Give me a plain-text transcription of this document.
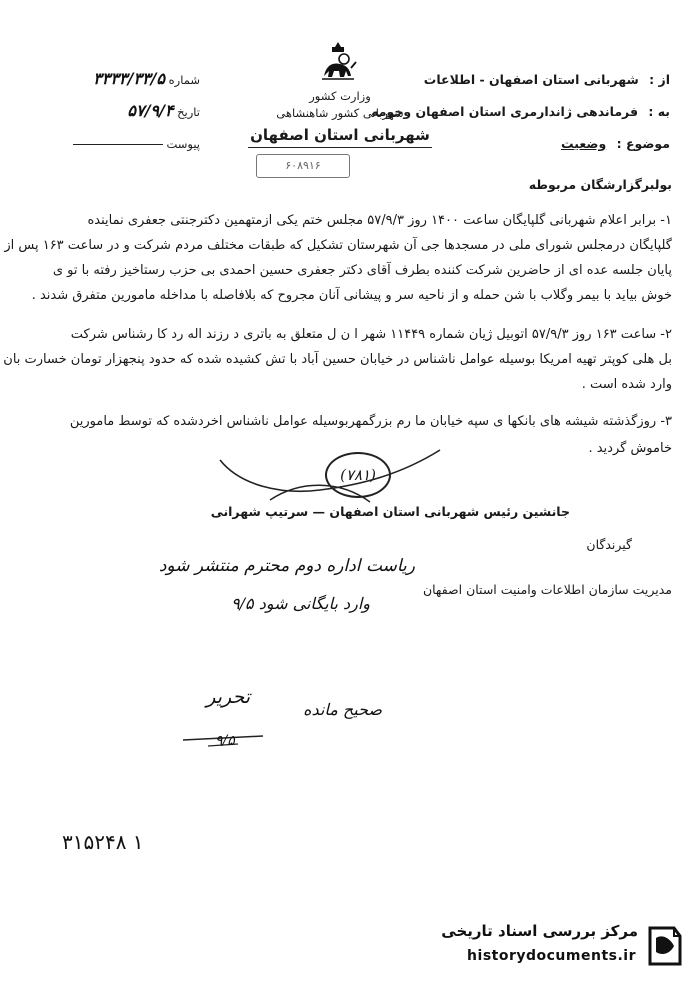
از : شهربانی استان اصفهان - اطلاعات
به : فرماندهی ژاندارمری استان اصفهان وحومه
موضوع : وضعیت
وزارت کشور
شهربانی کشور شاهنشاهی
شهربانی استان اصفهان
۶۰۸۹۱۶
شماره ۳۳۳۳/۳۳/۵
تاریخ ۵۷/۹/۴
پیوست
بولبرگزارشگان مربوطه
۱- برابر اعلام شهربانی گلپایگان ساعت ۱۴۰۰ روز ۵۷/۹/۳ مجلس ختم یکی ازمتهمین دکترجنتی جعفری نماینده
گلپایگان درمجلس شورای ملی در مسجدها جی آن شهرستان تشکیل که طبقات مختلف مردم شرکت و در ساعت ۱۶۳ پس از
پایان جلسه عده ای از حاضرین شرکت کننده بطرف آقای دکتر جعفری حسین احمدی بی حزب رستاخیز رفته با تو ی
خوش بیاید با بیمر وگلاب با شن حمله و از ناحیه سر و پیشانی آنان مجروح که بلافاصله با مداخله مامورین متفرق شدند .
۲- ساعت ۱۶۳ روز ۵۷/۹/۳ اتوبیل ژیان شماره ۱۱۴۴۹ شهر ا ن ل متعلق به باتری د رزند اله رد کا رشناس شرکت
بل هلی کوپتر تهیه امریکا بوسیله عوامل ناشناس در خیابان حسین آباد با تش کشیده شده که حدود پنجهزار تومان خسارت بان
وارد شده است .
۳- روزگذشته شیشه های بانکها ی سپه خیابان ما رم بزرگمهربوسیله عوامل ناشناس اخردشده که توسط مامورین
خاموش گردید .
(۷۸۱)
جانشین رئیس شهربانی استان اصفهان — سرتیپ شهرانی
گیرندگان
مدیریت سازمان اطلاعات وامنیت استان اصفهان
ریاست اداره دوم محترم منتشر شود
وارد بایگانی شود ۹/۵
صحیح مانده
تحریر
۹/۵
۳۱۵۲۴۸ ۱
مرکز بررسی اسناد تاریخی
historydocuments.ir
